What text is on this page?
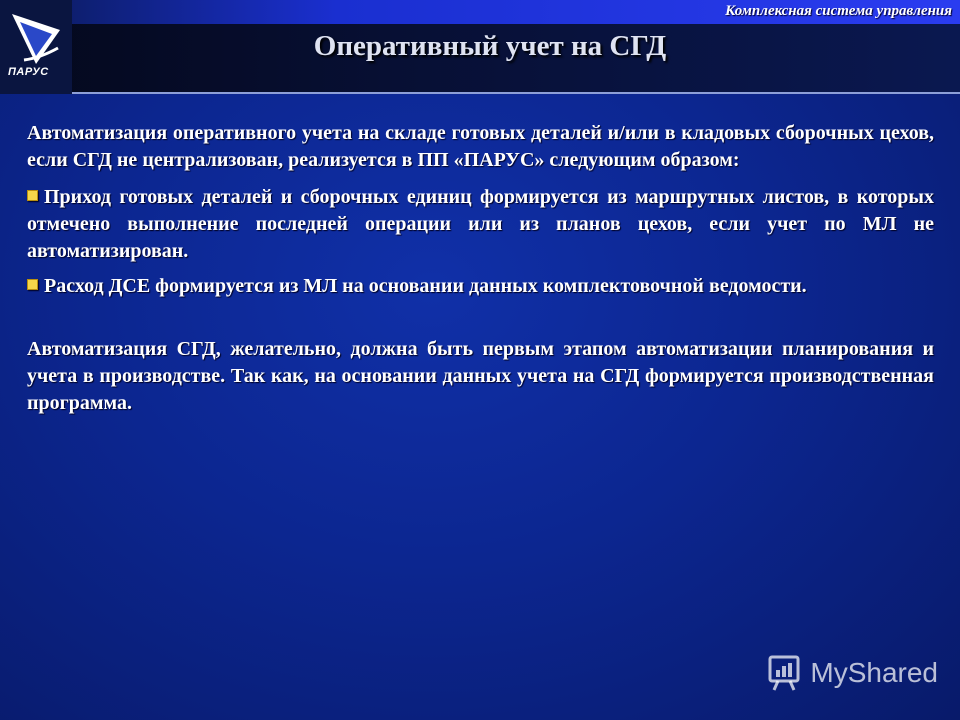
ПАРУС
Комплексная система управления
Оперативный учет на СГД

Автоматизация оперативного учета на складе готовых деталей и/или в кладовых сборочных цехов, если СГД не централизован, реализуется в ПП «ПАРУС» следующим образом:

Приход готовых деталей и сборочных единиц формируется из маршрутных листов, в которых отмечено выполнение последней операции или из планов цехов, если учет по МЛ не автоматизирован.

Расход ДСЕ формируется из МЛ на основании данных комплектовочной ведомости.

Автоматизация СГД, желательно, должна быть первым этапом автоматизации планирования и учета в производстве. Так как, на основании данных учета на СГД формируется производственная программа.

MyShared
